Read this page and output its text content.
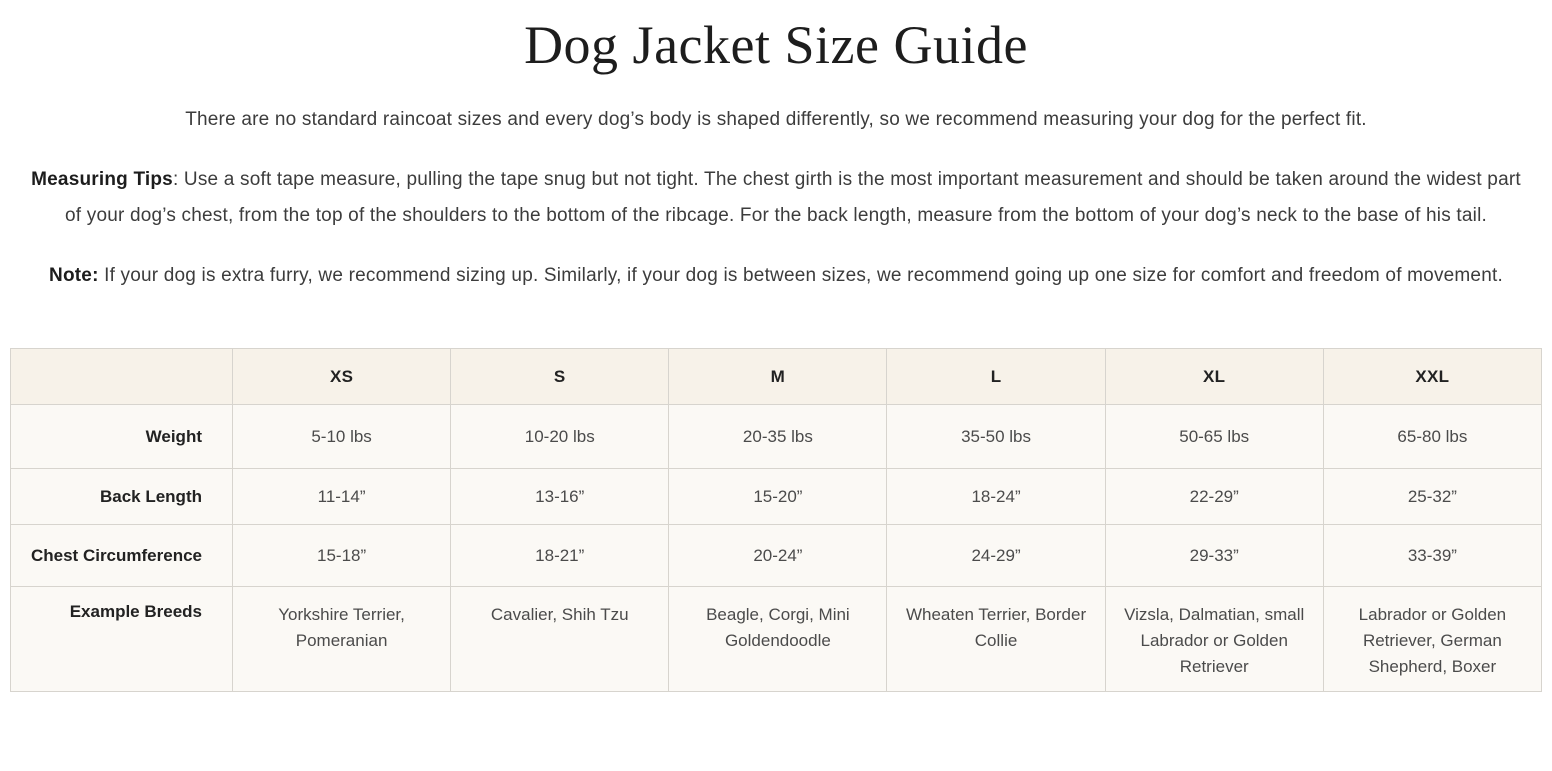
Dog Jacket Size Guide

There are no standard raincoat sizes and every dog’s body is shaped differently, so we recommend measuring your dog for the perfect fit.

Measuring Tips: Use a soft tape measure, pulling the tape snug but not tight. The chest girth is the most important measurement and should be taken around the widest part of your dog’s chest, from the top of the shoulders to the bottom of the ribcage. For the back length, measure from the bottom of your dog’s neck to the base of his tail.

Note: If your dog is extra furry, we recommend sizing up. Similarly, if your dog is between sizes, we recommend going up one size for comfort and freedom of movement.

	XS	S	M	L	XL	XXL
Weight	5-10 lbs	10-20 lbs	20-35 lbs	35-50 lbs	50-65 lbs	65-80 lbs
Back Length	11-14”	13-16”	15-20”	18-24”	22-29”	25-32”
Chest Circumference	15-18”	18-21”	20-24”	24-29”	29-33”	33-39”
Example Breeds	Yorkshire Terrier, Pomeranian	Cavalier, Shih Tzu	Beagle, Corgi, Mini Goldendoodle	Wheaten Terrier, Border Collie	Vizsla, Dalmatian, small Labrador or Golden Retriever	Labrador or Golden Retriever, German Shepherd, Boxer
